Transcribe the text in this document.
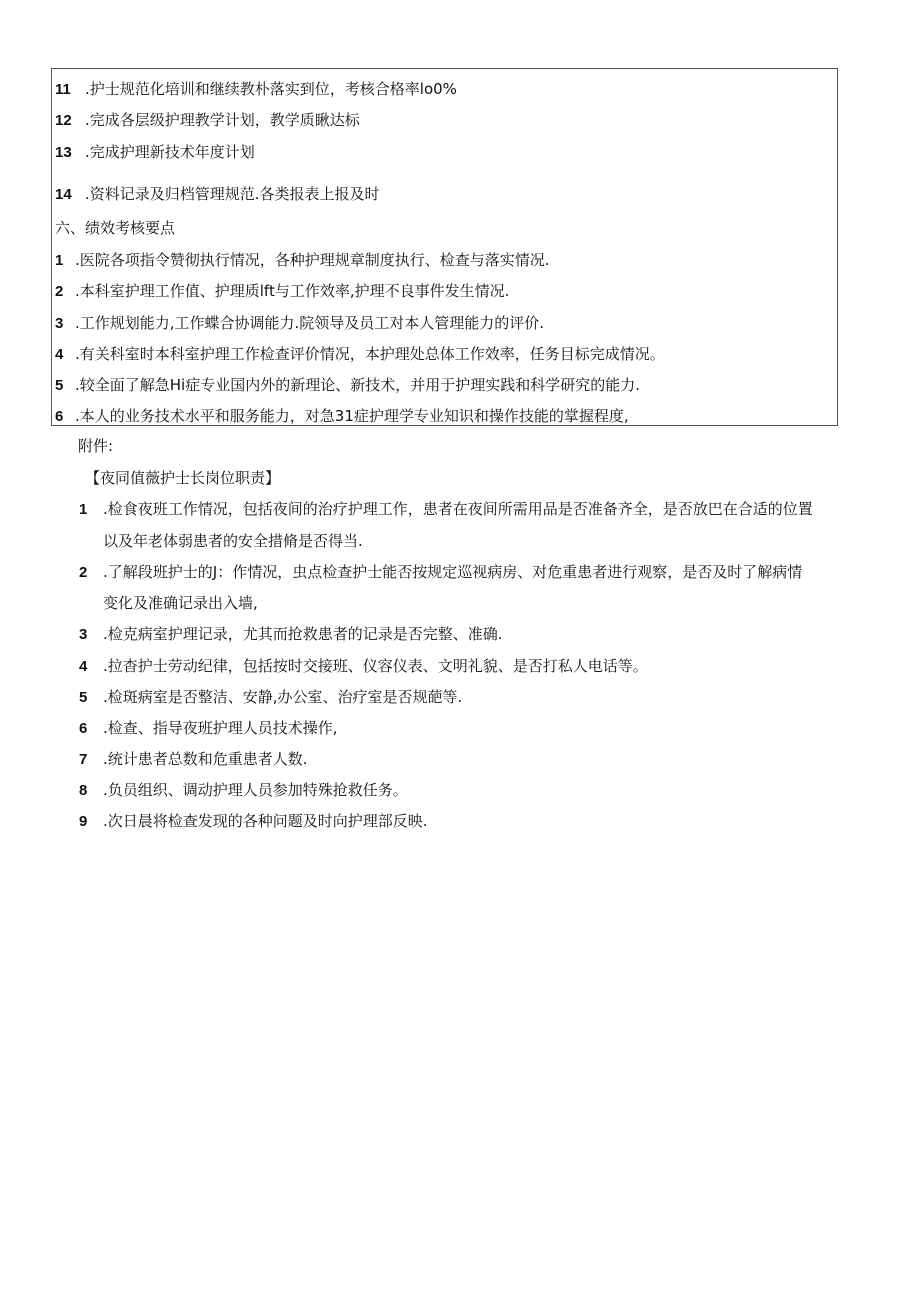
11 .护士规范化培训和继续教朴落实到位，考核合格率lo0%
12 .完成各层级护理教学计划，教学质瞅达标
13 .完成护理新技术年度计划
14 .资料记录及归档管理规范.各类报表上报及时
六、绩效考核要点
1 .医院各项指令赞彻执行情况，各种护理规章制度执行、检查与落实情况.
2 .本科室护理工作值、护理质lft与工作效率,护理不良事件发生情况.
3 .工作规划能力,工作蝶合协调能力.院领导及员工对本人管理能力的评价.
4 .有关科室时本科室护理工作检查评价情况，本护理处总体工作效率，任务目标完成情况。
5 .较全面了解急Hi症专业国内外的新理论、新技术，并用于护理实践和科学研究的能力.
6 .本人的业务技术水平和服务能力，对急31症护理学专业知识和操作技能的掌握程度,
附件:
【夜同值薇护士长岗位职责】
1 .检食夜班工作情况，包括夜间的治疗护理工作，患者在夜间所需用品是否准备齐全，是否放巴在合适的位置
以及年老体弱患者的安全措脩是否得当.
2 .了解段班护士的J：作情况，虫点检查护士能否按规定巡视病房、对危重患者进行观察，是否及时了解病情
变化及准确记录出入墙,
3 .检克病室护理记录，尤其而抢救患者的记录是否完整、准确.
4 .拉杳护士劳动纪律，包括按时交接班、仪容仪表、文明礼貌、是否打私人电话等。
5 .检斑病室是否整洁、安静,办公室、治疗室是否规葩等.
6 .检查、指导夜班护理人员技术操作,
7 .统计患者总数和危重患者人数.
8 .负员组织、调动护理人员参加特殊抢救任务。
9 .次日晨将检查发现的各种问题及时向护理部反映.
